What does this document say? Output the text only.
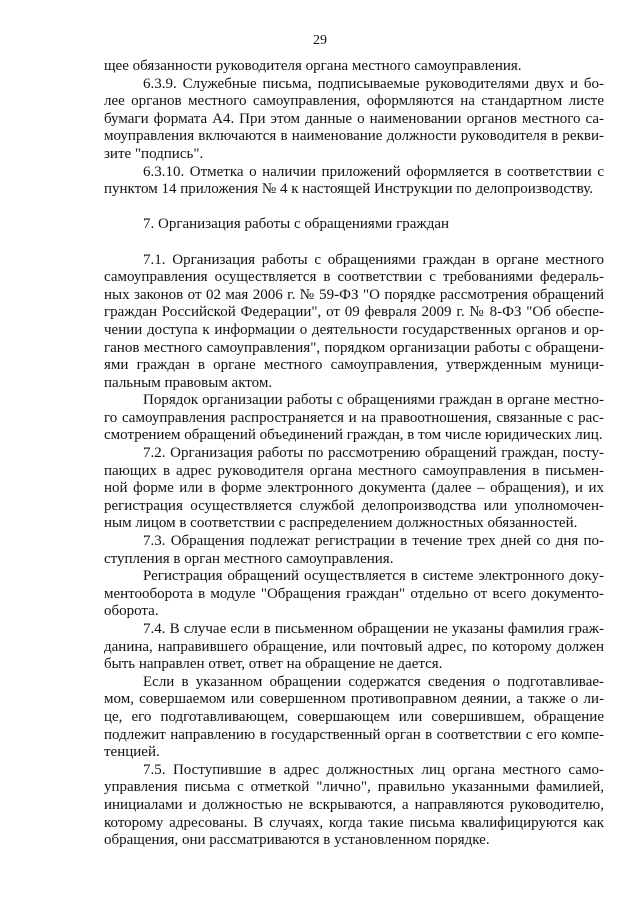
29
щее обязанности руководителя органа местного самоуправления.
6.3.9. Служебные письма, подписываемые руководителями двух и бо-
лее органов местного самоуправления, оформляются на стандартном листе
бумаги формата А4. При этом данные о наименовании органов местного са-
моуправления включаются в наименование должности руководителя в рекви-
зите "подпись".
6.3.10. Отметка о наличии приложений оформляется в соответствии с
пунктом 14 приложения № 4 к настоящей Инструкции по делопроизводству.
7. Организация работы с обращениями граждан
7.1. Организация работы с обращениями граждан в органе местного
самоуправления осуществляется в соответствии с требованиями федераль-
ных законов от 02 мая 2006 г. № 59-ФЗ "О порядке рассмотрения обращений
граждан Российской Федерации", от 09 февраля 2009 г. № 8-ФЗ "Об обеспе-
чении доступа к информации о деятельности государственных органов и ор-
ганов местного самоуправления", порядком организации работы с обращени-
ями граждан в органе местного самоуправления, утвержденным муници-
пальным правовым актом.
Порядок организации работы с обращениями граждан в органе местно-
го самоуправления распространяется и на правоотношения, связанные с рас-
смотрением обращений объединений граждан, в том числе юридических лиц.
7.2. Организация работы по рассмотрению обращений граждан, посту-
пающих в адрес руководителя органа местного самоуправления в письмен-
ной форме или в форме электронного документа (далее – обращения), и их
регистрация осуществляется службой делопроизводства или уполномочен-
ным лицом в соответствии с распределением должностных обязанностей.
7.3. Обращения подлежат регистрации в течение трех дней со дня по-
ступления в орган местного самоуправления.
Регистрация обращений осуществляется в системе электронного доку-
ментооборота в модуле "Обращения граждан" отдельно от всего документо-
оборота.
7.4. В случае если в письменном обращении не указаны фамилия граж-
данина, направившего обращение, или почтовый адрес, по которому должен
быть направлен ответ, ответ на обращение не дается.
Если в указанном обращении содержатся сведения о подготавливае-
мом, совершаемом или совершенном противоправном деянии, а также о ли-
це, его подготавливающем, совершающем или совершившем, обращение
подлежит направлению в государственный орган в соответствии с его компе-
тенцией.
7.5. Поступившие в адрес должностных лиц органа местного само-
управления письма с отметкой "лично", правильно указанными фамилией,
инициалами и должностью не вскрываются, а направляются руководителю,
которому адресованы. В случаях, когда такие письма квалифицируются как
обращения, они рассматриваются в установленном порядке.
